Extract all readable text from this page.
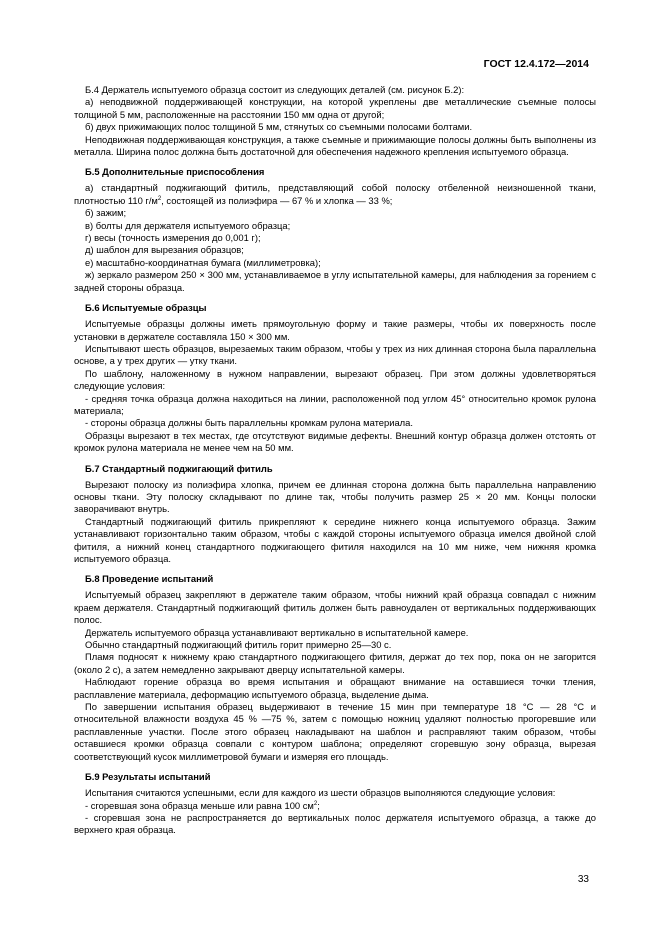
ГОСТ 12.4.172—2014

Б.4 Держатель испытуемого образца состоит из следующих деталей (см. рисунок Б.2):

а) неподвижной поддерживающей конструкции, на которой укреплены две металлические съемные полосы толщиной 5 мм, расположенные на расстоянии 150 мм одна от другой;

б) двух прижимающих полос толщиной 5 мм, стянутых со съемными полосами болтами.

Неподвижная поддерживающая конструкция, а также съемные и прижимающие полосы должны быть выполнены из металла. Ширина полос должна быть достаточной для обеспечения надежного крепления испытуемого образца.

Б.5 Дополнительные приспособления

а) стандартный поджигающий фитиль, представляющий собой полоску отбеленной неизношенной ткани, плотностью 110 $г/м^2$, состоящей из полиэфира — 67 % и хлопка — 33 %;

б) зажим;

в) болты для держателя испытуемого образца;

г) весы (точность измерения до 0,001 г);

д) шаблон для вырезания образцов;

е) масштабно-координатная бумага (миллиметровка);

ж) зеркало размером 250 × 300 мм, устанавливаемое в углу испытательной камеры, для наблюдения за горением с задней стороны образца.

Б.6 Испытуемые образцы

Испытуемые образцы должны иметь прямоугольную форму и такие размеры, чтобы их поверхность после установки в держателе составляла 150 × 300 мм.

Испытывают шесть образцов, вырезаемых таким образом, чтобы у трех из них длинная сторона была параллельна основе, а у трех других — утку ткани.

По шаблону, наложенному в нужном направлении, вырезают образец. При этом должны удовлетворяться следующие условия:

- средняя точка образца должна находиться на линии, расположенной под углом 45° относительно кромок рулона материала;

- стороны образца должны быть параллельны кромкам рулона материала.

Образцы вырезают в тех местах, где отсутствуют видимые дефекты. Внешний контур образца должен отстоять от кромок рулона материала не менее чем на 50 мм.

Б.7 Стандартный поджигающий фитиль

Вырезают полоску из полиэфира хлопка, причем ее длинная сторона должна быть параллельна направлению основы ткани. Эту полоску складывают по длине так, чтобы получить размер 25 × 20 мм. Концы полоски заворачивают внутрь.

Стандартный поджигающий фитиль прикрепляют к середине нижнего конца испытуемого образца. Зажим устанавливают горизонтально таким образом, чтобы с каждой стороны испытуемого образца имелся двойной слой фитиля, а нижний конец стандартного поджигающего фитиля находился на 10 мм ниже, чем нижняя кромка испытуемого образца.

Б.8 Проведение испытаний

Испытуемый образец закрепляют в держателе таким образом, чтобы нижний край образца совпадал с нижним краем держателя. Стандартный поджигающий фитиль должен быть равноудален от вертикальных поддерживающих полос.

Держатель испытуемого образца устанавливают вертикально в испытательной камере.

Обычно стандартный поджигающий фитиль горит примерно 25—30 с.

Пламя подносят к нижнему краю стандартного поджигающего фитиля, держат до тех пор, пока он не загорится (около 2 с), а затем немедленно закрывают дверцу испытательной камеры.

Наблюдают горение образца во время испытания и обращают внимание на оставшиеся точки тления, расплавление материала, деформацию испытуемого образца, выделение дыма.

По завершении испытания образец выдерживают в течение 15 мин при температуре 18 °С — 28 °С и относительной влажности воздуха 45 % —75 %, затем с помощью ножниц удаляют полностью прогоревшие или расплавленные участки. После этого образец накладывают на шаблон и расправляют таким образом, чтобы оставшиеся кромки образца совпали с контуром шаблона; определяют сгоревшую зону образца, вырезая соответствующий кусок миллиметровой бумаги и измеряя его площадь.

Б.9 Результаты испытаний

Испытания считаются успешными, если для каждого из шести образцов выполняются следующие условия:

- сгоревшая зона образца меньше или равна 100 $см^2$;

- сгоревшая зона не распространяется до вертикальных полос держателя испытуемого образца, а также до верхнего края образца.

33
